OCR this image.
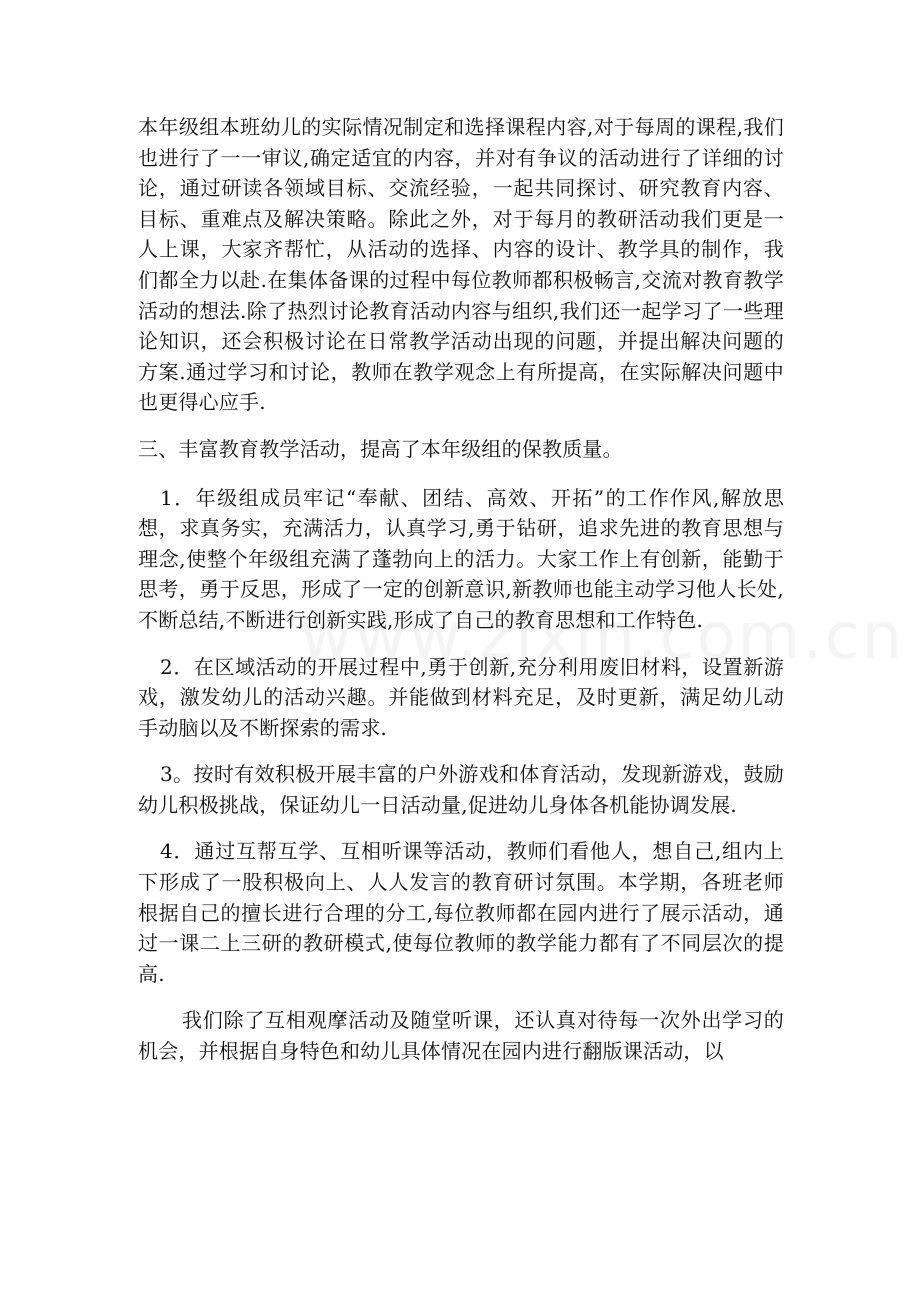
本年级组本班幼儿的实际情况制定和选择课程内容,对于每周的课程,我们也进行了一一审议,确定适宜的内容，并对有争议的活动进行了详细的讨论，通过研读各领域目标、交流经验，一起共同探讨、研究教育内容、目标、重难点及解决策略。除此之外，对于每月的教研活动我们更是一人上课，大家齐帮忙，从活动的选择、内容的设计、教学具的制作，我们都全力以赴.在集体备课的过程中每位教师都积极畅言,交流对教育教学活动的想法.除了热烈讨论教育活动内容与组织,我们还一起学习了一些理论知识，还会积极讨论在日常教学活动出现的问题，并提出解决问题的方案.通过学习和讨论，教师在教学观念上有所提高，在实际解决问题中也更得心应手.

三、丰富教育教学活动，提高了本年级组的保教质量。

1．年级组成员牢记“奉献、团结、高效、开拓”的工作作风,解放思想，求真务实，充满活力，认真学习,勇于钻研，追求先进的教育思想与理念,使整个年级组充满了蓬勃向上的活力。大家工作上有创新，能勤于思考，勇于反思，形成了一定的创新意识,新教师也能主动学习他人长处,不断总结,不断进行创新实践,形成了自己的教育思想和工作特色.

2．在区域活动的开展过程中,勇于创新,充分利用废旧材料，设置新游戏，激发幼儿的活动兴趣。并能做到材料充足，及时更新，满足幼儿动手动脑以及不断探索的需求.

3。按时有效积极开展丰富的户外游戏和体育活动，发现新游戏，鼓励幼儿积极挑战，保证幼儿一日活动量,促进幼儿身体各机能协调发展.

4．通过互帮互学、互相听课等活动，教师们看他人，想自己,组内上下形成了一股积极向上、人人发言的教育研讨氛围。本学期，各班老师根据自己的擅长进行合理的分工,每位教师都在园内进行了展示活动，通过一课二上三研的教研模式,使每位教师的教学能力都有了不同层次的提高.

我们除了互相观摩活动及随堂听课，还认真对待每一次外出学习的机会，并根据自身特色和幼儿具体情况在园内进行翻版课活动，以
